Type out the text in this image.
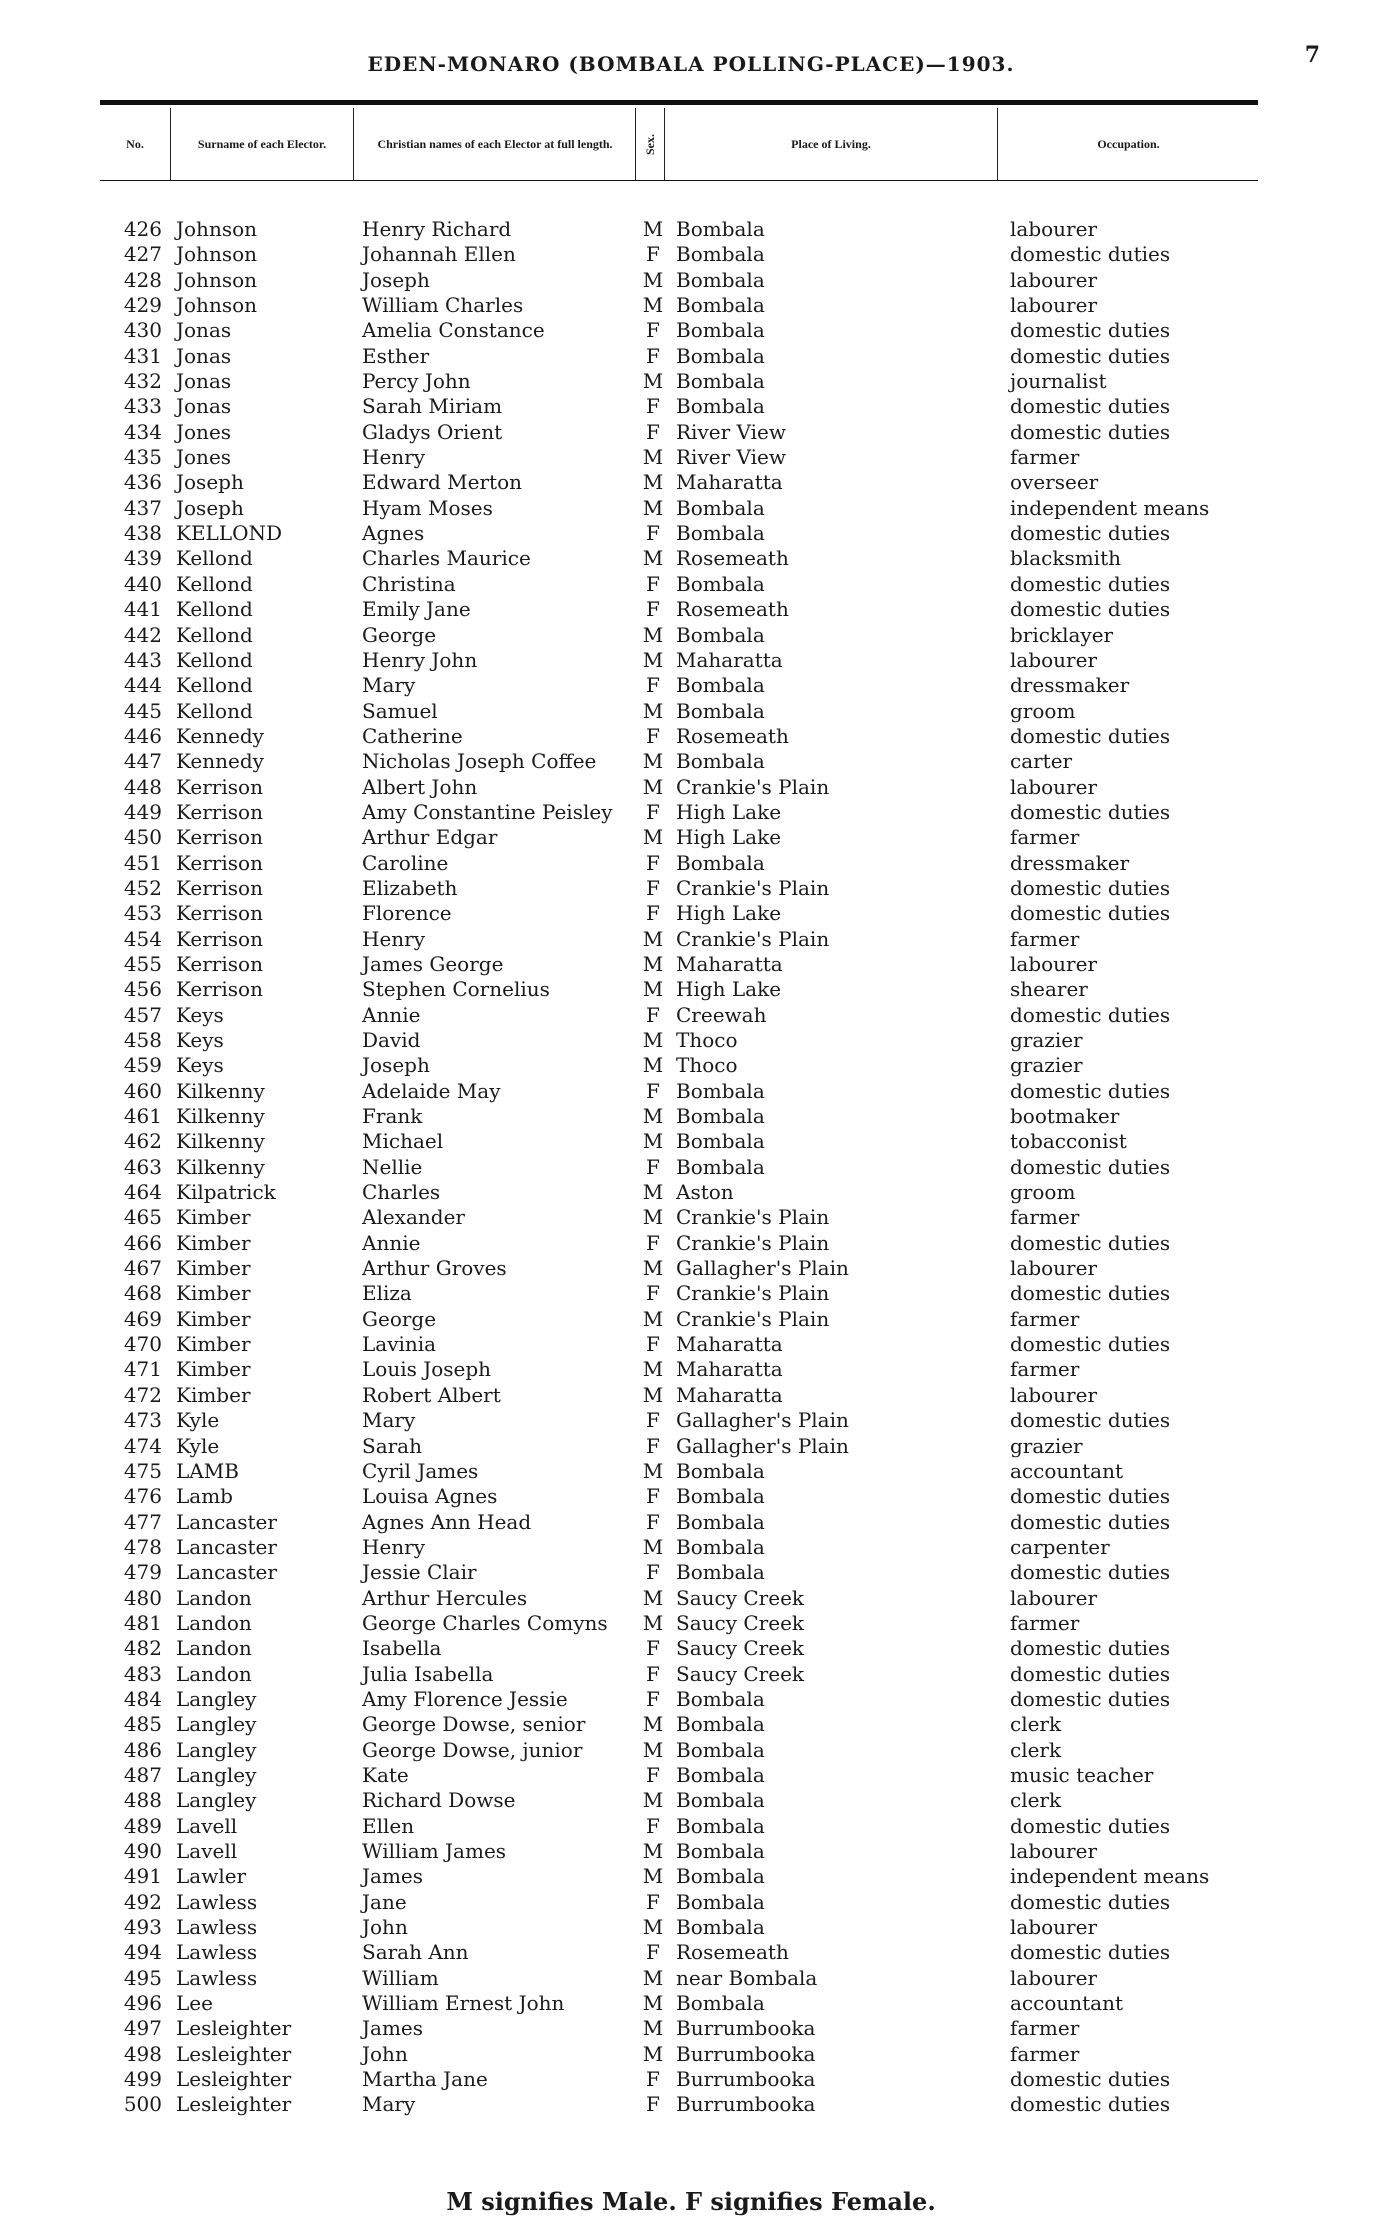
7
EDEN-MONARO (BOMBALA POLLING-PLACE)—1903.
No.	Surname of each Elector.	Christian names of each Elector at full length.	Sex.	Place of Living.	Occupation.
426 Johnson	Henry Richard	M Bombala	labourer
427 Johnson	Johannah Ellen	F Bombala	domestic duties
428 Johnson	Joseph	M Bombala	labourer
429 Johnson	William Charles	M Bombala	labourer
430 Jonas	Amelia Constance	F Bombala	domestic duties
431 Jonas	Esther	F Bombala	domestic duties
432 Jonas	Percy John	M Bombala	journalist
433 Jonas	Sarah Miriam	F Bombala	domestic duties
434 Jones	Gladys Orient	F River View	domestic duties
435 Jones	Henry	M River View	farmer
436 Joseph	Edward Merton	M Maharatta	overseer
437 Joseph	Hyam Moses	M Bombala	independent means
438 KELLOND	Agnes	F Bombala	domestic duties
439 Kellond	Charles Maurice	M Rosemeath	blacksmith
440 Kellond	Christina	F Bombala	domestic duties
441 Kellond	Emily Jane	F Rosemeath	domestic duties
442 Kellond	George	M Bombala	bricklayer
443 Kellond	Henry John	M Maharatta	labourer
444 Kellond	Mary	F Bombala	dressmaker
445 Kellond	Samuel	M Bombala	groom
446 Kennedy	Catherine	F Rosemeath	domestic duties
447 Kennedy	Nicholas Joseph Coffee M Bombala	carter
448 Kerrison	Albert John	M Crankie's Plain	labourer
449 Kerrison	Amy Constantine Peisley F High Lake	domestic duties
450 Kerrison	Arthur Edgar	M High Lake	farmer
451 Kerrison	Caroline	F Bombala	dressmaker
452 Kerrison	Elizabeth	F Crankie's Plain	domestic duties
453 Kerrison	Florence	F High Lake	domestic duties
454 Kerrison	Henry	M Crankie's Plain	farmer
455 Kerrison	James George	M Maharatta	labourer
456 Kerrison	Stephen Cornelius	M High Lake	shearer
457 Keys	Annie	F Creewah	domestic duties
458 Keys	David	M Thoco	grazier
459 Keys	Joseph	M Thoco	grazier
460 Kilkenny	Adelaide May	F Bombala	domestic duties
461 Kilkenny	Frank	M Bombala	bootmaker
462 Kilkenny	Michael	M Bombala	tobacconist
463 Kilkenny	Nellie	F Bombala	domestic duties
464 Kilpatrick	Charles	M Aston	groom
465 Kimber	Alexander	M Crankie's Plain	farmer
466 Kimber	Annie	F Crankie's Plain	domestic duties
467 Kimber	Arthur Groves	M Gallagher's Plain	labourer
468 Kimber	Eliza	F Crankie's Plain	domestic duties
469 Kimber	George	M Crankie's Plain	farmer
470 Kimber	Lavinia	F Maharatta	domestic duties
471 Kimber	Louis Joseph	M Maharatta	farmer
472 Kimber	Robert Albert	M Maharatta	labourer
473 Kyle	Mary	F Gallagher's Plain	domestic duties
474 Kyle	Sarah	F Gallagher's Plain	grazier
475 LAMB	Cyril James	M Bombala	accountant
476 Lamb	Louisa Agnes	F Bombala	domestic duties
477 Lancaster	Agnes Ann Head	F Bombala	domestic duties
478 Lancaster	Henry	M Bombala	carpenter
479 Lancaster	Jessie Clair	F Bombala	domestic duties
480 Landon	Arthur Hercules	M Saucy Creek	labourer
481 Landon	George Charles Comyns M Saucy Creek	farmer
482 Landon	Isabella	F Saucy Creek	domestic duties
483 Landon	Julia Isabella	F Saucy Creek	domestic duties
484 Langley	Amy Florence Jessie	F Bombala	domestic duties
485 Langley	George Dowse, senior	M Bombala	clerk
486 Langley	George Dowse, junior	M Bombala	clerk
487 Langley	Kate	F Bombala	music teacher
488 Langley	Richard Dowse	M Bombala	clerk
489 Lavell	Ellen	F Bombala	domestic duties
490 Lavell	William James	M Bombala	labourer
491 Lawler	James	M Bombala	independent means
492 Lawless	Jane	F Bombala	domestic duties
493 Lawless	John	M Bombala	labourer
494 Lawless	Sarah Ann	F Rosemeath	domestic duties
495 Lawless	William	M near Bombala	labourer
496 Lee	William Ernest John	M Bombala	accountant
497 Lesleighter	James	M Burrumbooka	farmer
498 Lesleighter	John	M Burrumbooka	farmer
499 Lesleighter	Martha Jane	F Burrumbooka	domestic duties
500 Lesleighter	Mary	F Burrumbooka	domestic duties
M signifies Male. F signifies Female.
